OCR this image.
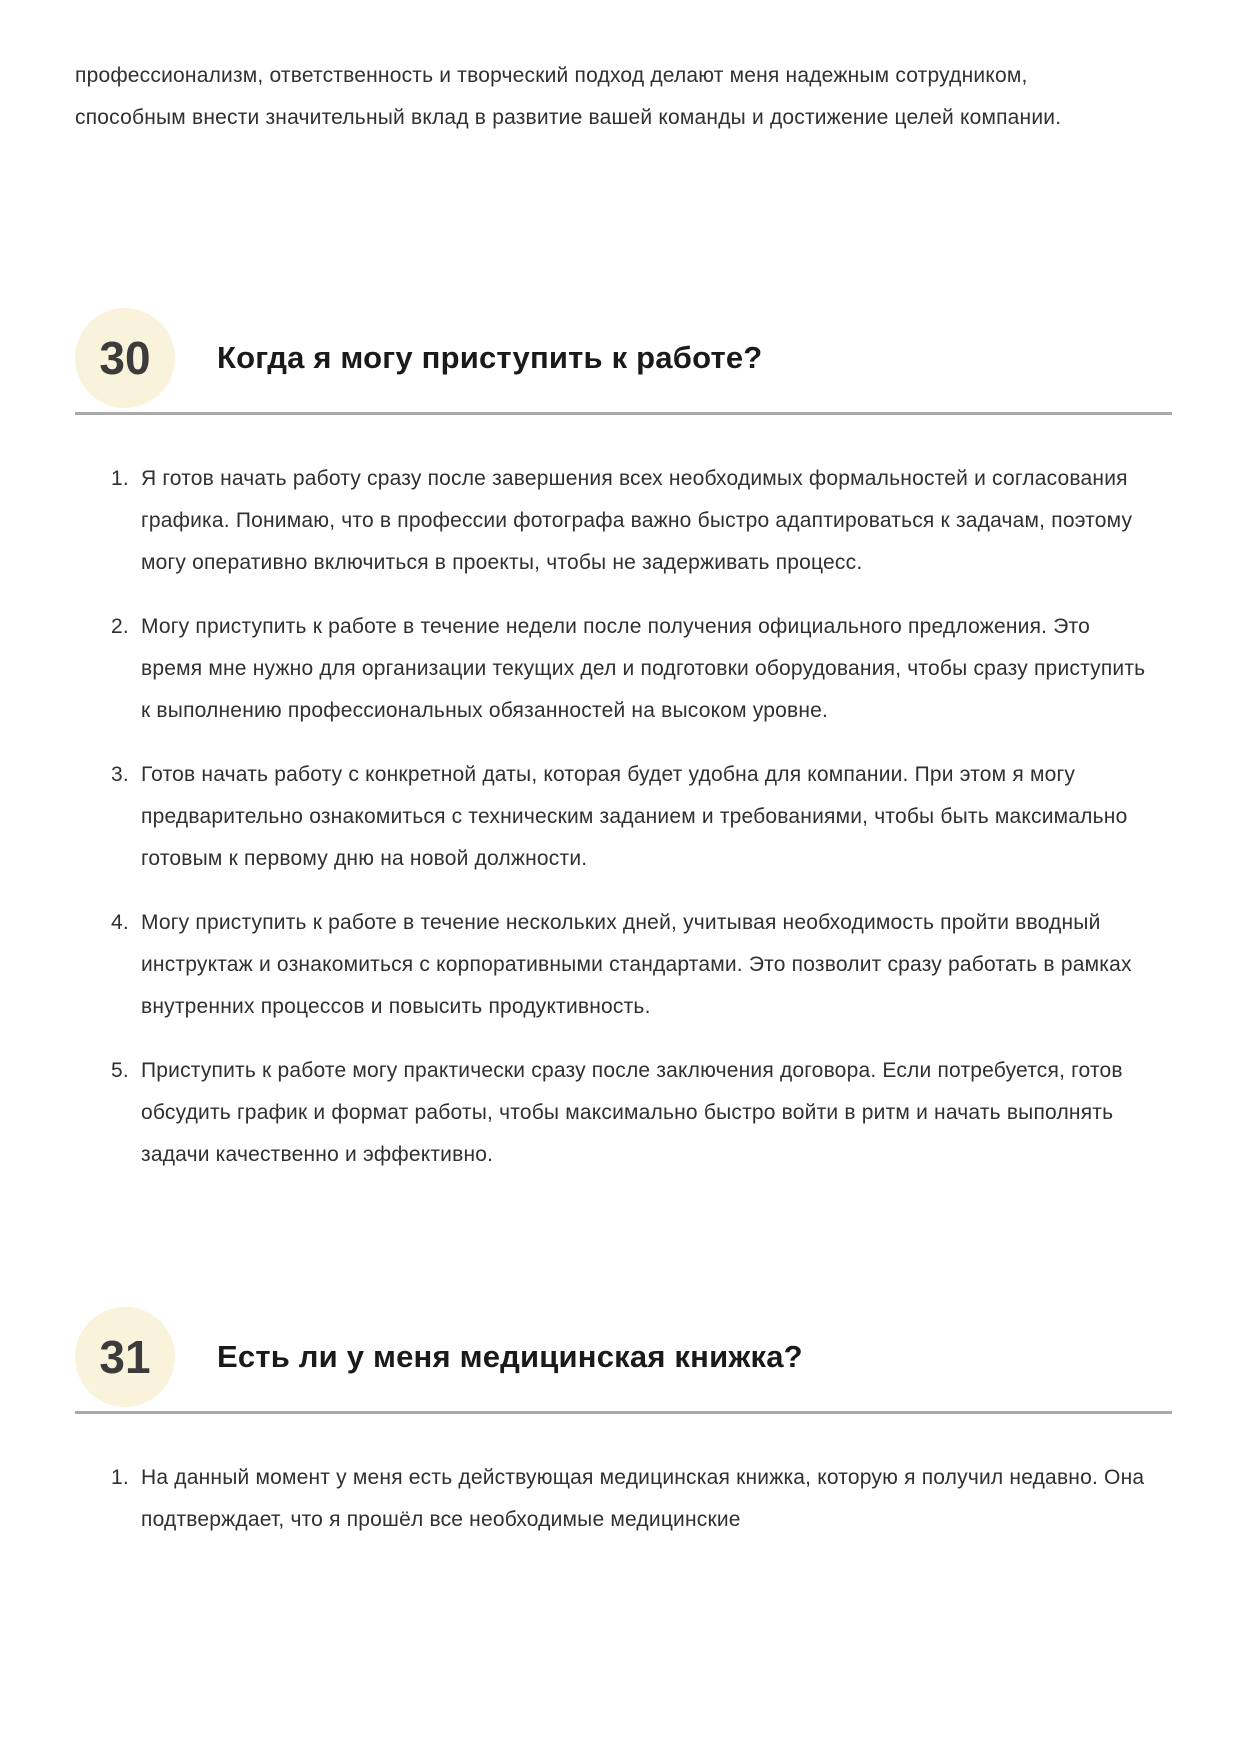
профессионализм, ответственность и творческий подход делают меня надежным сотрудником, способным внести значительный вклад в развитие вашей команды и достижение целей компании.

30 Когда я могу приступить к работе?
1. Я готов начать работу сразу после завершения всех необходимых формальностей и согласования графика. Понимаю, что в профессии фотографа важно быстро адаптироваться к задачам, поэтому могу оперативно включиться в проекты, чтобы не задерживать процесс.
2. Могу приступить к работе в течение недели после получения официального предложения. Это время мне нужно для организации текущих дел и подготовки оборудования, чтобы сразу приступить к выполнению профессиональных обязанностей на высоком уровне.
3. Готов начать работу с конкретной даты, которая будет удобна для компании. При этом я могу предварительно ознакомиться с техническим заданием и требованиями, чтобы быть максимально готовым к первому дню на новой должности.
4. Могу приступить к работе в течение нескольких дней, учитывая необходимость пройти вводный инструктаж и ознакомиться с корпоративными стандартами. Это позволит сразу работать в рамках внутренних процессов и повысить продуктивность.
5. Приступить к работе могу практически сразу после заключения договора. Если потребуется, готов обсудить график и формат работы, чтобы максимально быстро войти в ритм и начать выполнять задачи качественно и эффективно.
31 Есть ли у меня медицинская книжка?
1. На данный момент у меня есть действующая медицинская книжка, которую я получил недавно. Она подтверждает, что я прошёл все необходимые медицинские
